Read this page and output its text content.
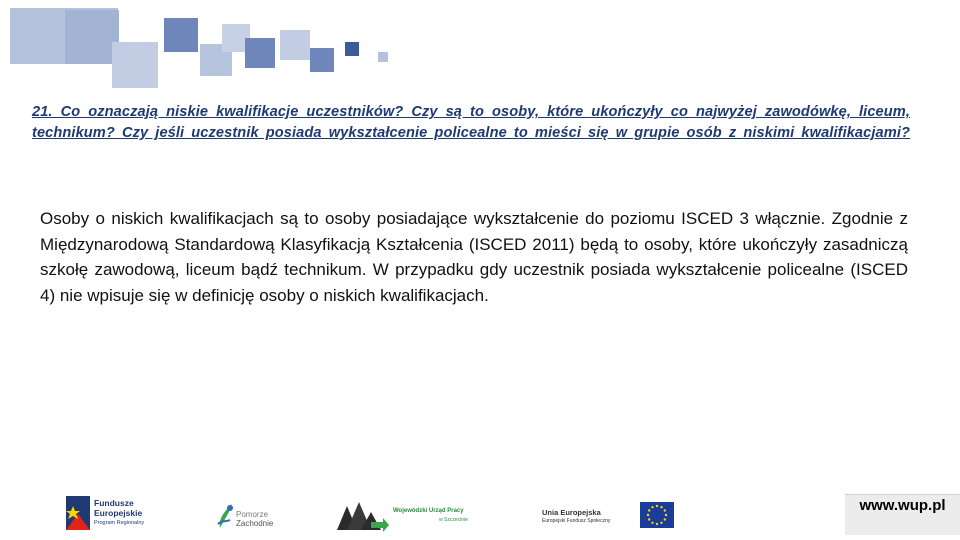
21. Co oznaczają niskie kwalifikacje uczestników? Czy są to osoby, które ukończyły co najwyżej zawodówkę, liceum, technikum? Czy jeśli uczestnik posiada wykształcenie policealne to mieści się w grupie osób z niskimi kwalifikacjami?

Osoby o niskich kwalifikacjach są to osoby posiadające wykształcenie do poziomu ISCED 3 włącznie. Zgodnie z Międzynarodową Standardową Klasyfikacją Kształcenia (ISCED 2011) będą to osoby, które ukończyły zasadniczą szkołę zawodową, liceum bądź technikum. W przypadku gdy uczestnik posiada wykształcenie policealne (ISCED 4) nie wpisuje się w definicję osoby o niskich kwalifikacjach.

Fundusze
Europejskie
Program Regionalny
Pomorze
Zachodnie
Wojewódzki Urząd Pracy
w Szczecinie
Unia Europejska
Europejski Fundusz Społeczny
www.wup.pl
